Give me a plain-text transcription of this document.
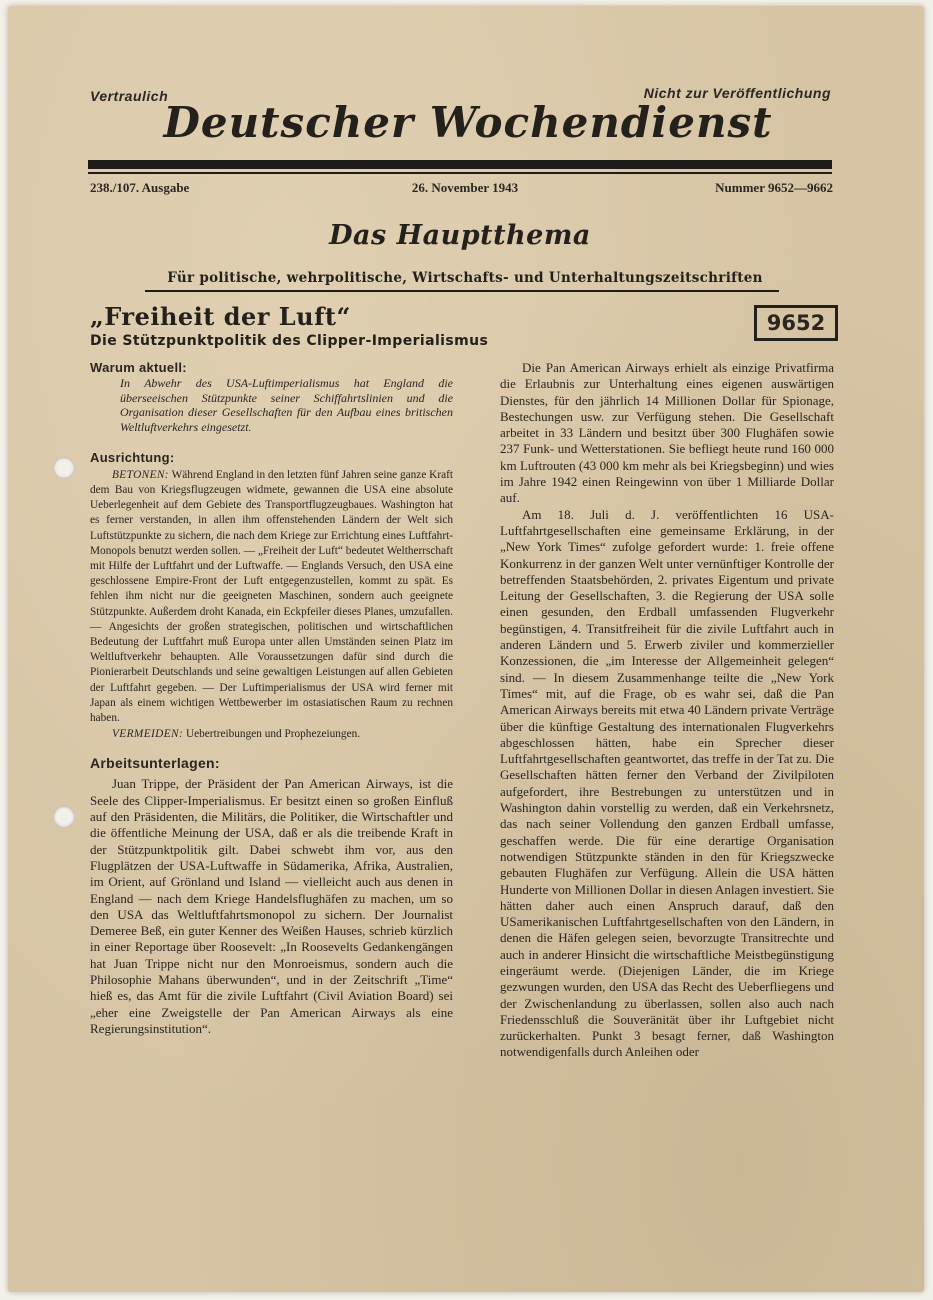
Vertraulich	Nicht zur Veröffentlichung
Deutscher Wochendienst
238./107. Ausgabe	26. November 1943	Nummer 9652—9662
Das Hauptthema
Für politische, wehrpolitische, Wirtschafts- und Unterhaltungszeitschriften
„Freiheit der Luft“
Die Stützpunktpolitik des Clipper-Imperialismus
9652
Warum aktuell:

In Abwehr des USA-Luftimperialismus hat England die überseeischen Stützpunkte seiner Schiffahrtslinien und die Organisation dieser Gesellschaften für den Aufbau eines britischen Weltluftverkehrs eingesetzt.

Ausrichtung:

BETONEN: Während England in den letzten fünf Jahren seine ganze Kraft dem Bau von Kriegsflugzeugen widmete, gewannen die USA eine absolute Ueberlegenheit auf dem Gebiete des Transportflugzeugbaues. Washington hat es ferner verstanden, in allen ihm offenstehenden Ländern der Welt sich Luftstützpunkte zu sichern, die nach dem Kriege zur Errichtung eines Luftfahrt-Monopols benutzt werden sollen. — „Freiheit der Luft“ bedeutet Weltherrschaft mit Hilfe der Luftfahrt und der Luftwaffe. — Englands Versuch, den USA eine geschlossene Empire-Front der Luft entgegenzustellen, kommt zu spät. Es fehlen ihm nicht nur die geeigneten Maschinen, sondern auch geeignete Stützpunkte. Außerdem droht Kanada, ein Eckpfeiler dieses Planes, umzufallen. — Angesichts der großen strategischen, politischen und wirtschaftlichen Bedeutung der Luftfahrt muß Europa unter allen Umständen seinen Platz im Weltluftverkehr behaupten. Alle Voraussetzungen dafür sind durch die Pionierarbeit Deutschlands und seine gewaltigen Leistungen auf allen Gebieten der Luftfahrt gegeben. — Der Luftimperialismus der USA wird ferner mit Japan als einem wichtigen Wettbewerber im ostasiatischen Raum zu rechnen haben.

VERMEIDEN: Uebertreibungen und Prophezeiungen.

Arbeitsunterlagen:

Juan Trippe, der Präsident der Pan American Airways, ist die Seele des Clipper-Imperialismus. Er besitzt einen so großen Einfluß auf den Präsidenten, die Militärs, die Politiker, die Wirtschaftler und die öffentliche Meinung der USA, daß er als die treibende Kraft in der Stützpunktpolitik gilt. Dabei schwebt ihm vor, aus den Flugplätzen der USA-Luftwaffe in Südamerika, Afrika, Australien, im Orient, auf Grönland und Island — vielleicht auch aus denen in England — nach dem Kriege Handelsflughäfen zu machen, um so den USA das Weltluftfahrtsmonopol zu sichern. Der Journalist Demeree Beß, ein guter Kenner des Weißen Hauses, schrieb kürzlich in einer Reportage über Roosevelt: „In Roosevelts Gedankengängen hat Juan Trippe nicht nur den Monroeismus, sondern auch die Philosophie Mahans überwunden“, und in der Zeitschrift „Time“ hieß es, das Amt für die zivile Luftfahrt (Civil Aviation Board) sei „eher eine Zweigstelle der Pan American Airways als eine Regierungsinstitution“.

Die Pan American Airways erhielt als einzige Privatfirma die Erlaubnis zur Unterhaltung eines eigenen auswärtigen Dienstes, für den jährlich 14 Millionen Dollar für Spionage, Bestechungen usw. zur Verfügung stehen. Die Gesellschaft arbeitet in 33 Ländern und besitzt über 300 Flughäfen sowie 237 Funk- und Wetterstationen. Sie befliegt heute rund 160 000 km Luftrouten (43 000 km mehr als bei Kriegsbeginn) und wies im Jahre 1942 einen Reingewinn von über 1 Milliarde Dollar auf.

Am 18. Juli d. J. veröffentlichten 16 USA-Luftfahrtgesellschaften eine gemeinsame Erklärung, in der „New York Times“ zufolge gefordert wurde: 1. freie offene Konkurrenz in der ganzen Welt unter vernünftiger Kontrolle der betreffenden Staatsbehörden, 2. privates Eigentum und private Leitung der Gesellschaften, 3. die Regierung der USA solle einen gesunden, den Erdball umfassenden Flugverkehr begünstigen, 4. Transitfreiheit für die zivile Luftfahrt auch in anderen Ländern und 5. Erwerb ziviler und kommerzieller Konzessionen, die „im Interesse der Allgemeinheit gelegen“ sind. — In diesem Zusammenhange teilte die „New York Times“ mit, auf die Frage, ob es wahr sei, daß die Pan American Airways bereits mit etwa 40 Ländern private Verträge über die künftige Gestaltung des internationalen Flugverkehrs abgeschlossen hätten, habe ein Sprecher dieser Luftfahrtgesellschaften geantwortet, das treffe in der Tat zu. Die Gesellschaften hätten ferner den Verband der Zivilpiloten aufgefordert, ihre Bestrebungen zu unterstützen und in Washington dahin vorstellig zu werden, daß ein Verkehrsnetz, das nach seiner Vollendung den ganzen Erdball umfasse, geschaffen werde. Die für eine derartige Organisation notwendigen Stützpunkte ständen in den für Kriegszwecke gebauten Flughäfen zur Verfügung. Allein die USA hätten Hunderte von Millionen Dollar in diesen Anlagen investiert. Sie hätten daher auch einen Anspruch darauf, daß den USamerikanischen Luftfahrtgesellschaften von den Ländern, in denen die Häfen gelegen seien, bevorzugte Transitrechte und auch in anderer Hinsicht die wirtschaftliche Meistbegünstigung eingeräumt werde. (Diejenigen Länder, die im Kriege gezwungen wurden, den USA das Recht des Ueberfliegens und der Zwischenlandung zu überlassen, sollen also auch nach Friedensschluß die Souveränität über ihr Luftgebiet nicht zurückerhalten. Punkt 3 besagt ferner, daß Washington notwendigenfalls durch Anleihen oder
